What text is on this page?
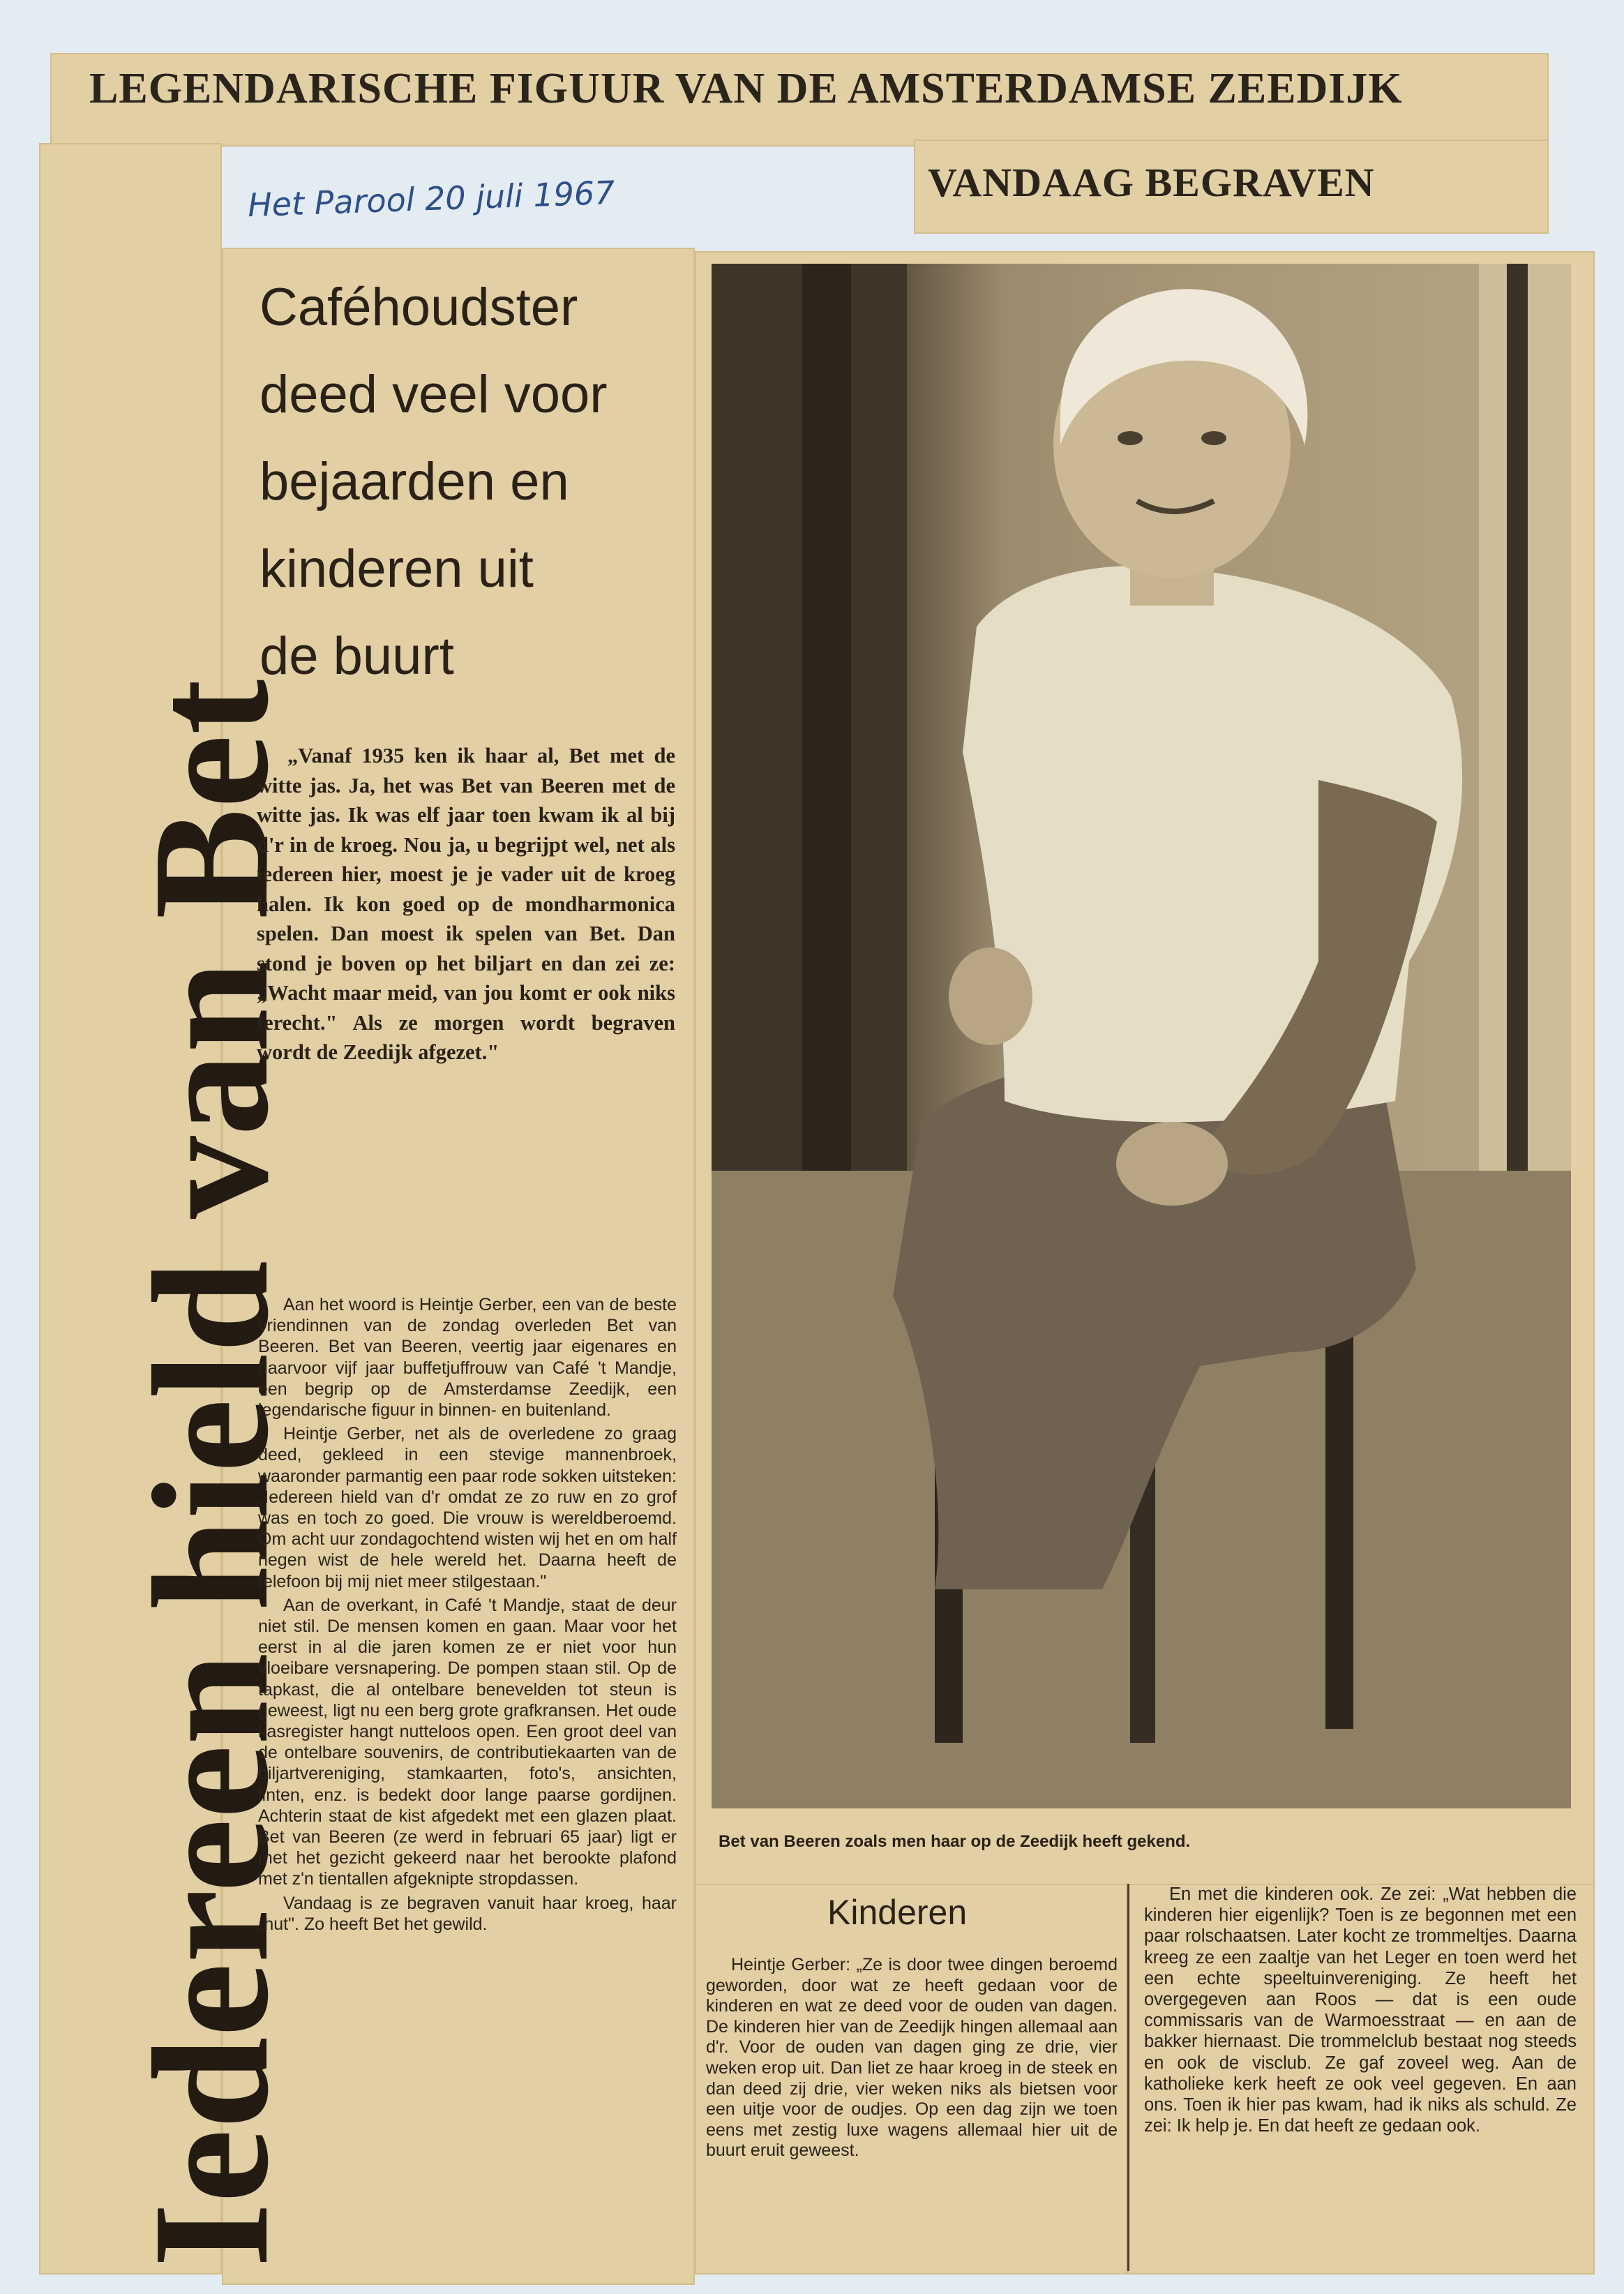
LEGENDARISCHE FIGUUR VAN DE AMSTERDAMSE ZEEDIJK
VANDAAG BEGRAVEN
Het Parool 20 juli 1967
Iedereen hield van Bet
Caféhoudster
deed veel voor
bejaarden en
kinderen uit
de buurt

„Vanaf 1935 ken ik haar al, Bet met de witte jas. Ja, het was Bet van Beeren met de witte jas. Ik was elf jaar toen kwam ik al bij d'r in de kroeg. Nou ja, u begrijpt wel, net als iedereen hier, moest je je vader uit de kroeg halen. Ik kon goed op de mondharmonica spelen. Dan moest ik spelen van Bet. Dan stond je boven op het biljart en dan zei ze: „Wacht maar meid, van jou komt er ook niks terecht." Als ze morgen wordt begraven wordt de Zeedijk afgezet."

Aan het woord is Heintje Gerber, een van de beste vriendinnen van de zondag overleden Bet van Beeren. Bet van Beeren, veertig jaar eigenares en daarvoor vijf jaar buffetjuffrouw van Café 't Mandje, een begrip op de Amsterdamse Zeedijk, een legendarische figuur in binnen- en buitenland.

Heintje Gerber, net als de overledene zo graag deed, gekleed in een stevige mannenbroek, waaronder parmantig een paar rode sokken uitsteken: „Iedereen hield van d'r omdat ze zo ruw en zo grof was en toch zo goed. Die vrouw is wereldberoemd. Om acht uur zondagochtend wisten wij het en om half negen wist de hele wereld het. Daarna heeft de telefoon bij mij niet meer stilgestaan."

Aan de overkant, in Café 't Mandje, staat de deur niet stil. De mensen komen en gaan. Maar voor het eerst in al die jaren komen ze er niet voor hun vloeibare versnapering. De pompen staan stil. Op de tapkast, die al ontelbare benevelden tot steun is geweest, ligt nu een berg grote grafkransen. Het oude kasregister hangt nutteloos open. Een groot deel van de ontelbare souvenirs, de contributiekaarten van de biljartvereniging, stamkaarten, foto's, ansichten, linten, enz. is bedekt door lange paarse gordijnen. Achterin staat de kist afgedekt met een glazen plaat. Bet van Beeren (ze werd in februari 65 jaar) ligt er met het gezicht gekeerd naar het berookte plafond met z'n tientallen afgeknipte stropdassen.

Vandaag is ze begraven vanuit haar kroeg, haar „hut". Zo heeft Bet het gewild.

Bet van Beeren zoals men haar op de Zeedijk heeft gekend.
Kinderen

Heintje Gerber: „Ze is door twee dingen beroemd geworden, door wat ze heeft gedaan voor de kinderen en wat ze deed voor de ouden van dagen. De kinderen hier van de Zeedijk hingen allemaal aan d'r. Voor de ouden van dagen ging ze drie, vier weken erop uit. Dan liet ze haar kroeg in de steek en dan deed zij drie, vier weken niks als bietsen voor een uitje voor de oudjes. Op een dag zijn we toen eens met zestig luxe wagens allemaal hier uit de buurt eruit geweest.

En met die kinderen ook. Ze zei: „Wat hebben die kinderen hier eigenlijk? Toen is ze begonnen met een paar rolschaatsen. Later kocht ze trommeltjes. Daarna kreeg ze een zaaltje van het Leger en toen werd het een echte speeltuinvereniging. Ze heeft het overgegeven aan Roos — dat is een oude commissaris van de Warmoesstraat — en aan de bakker hiernaast. Die trommelclub bestaat nog steeds en ook de visclub. Ze gaf zoveel weg. Aan de katholieke kerk heeft ze ook veel gegeven. En aan ons. Toen ik hier pas kwam, had ik niks als schuld. Ze zei: Ik help je. En dat heeft ze gedaan ook.
